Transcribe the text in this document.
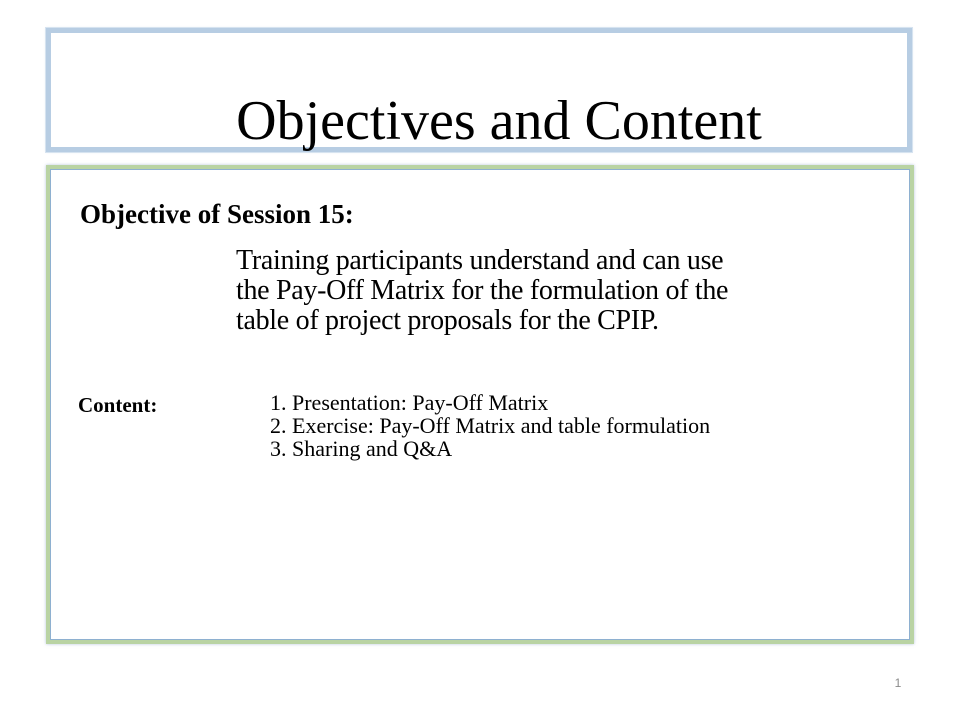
Objectives and Content
Objective of Session 15:
Training participants understand and can use
the Pay-Off Matrix for the formulation of the
table of project proposals for the CPIP.
Content:	1. Presentation: Pay-Off Matrix
2. Exercise: Pay-Off Matrix and table formulation
3. Sharing and Q&A
1
